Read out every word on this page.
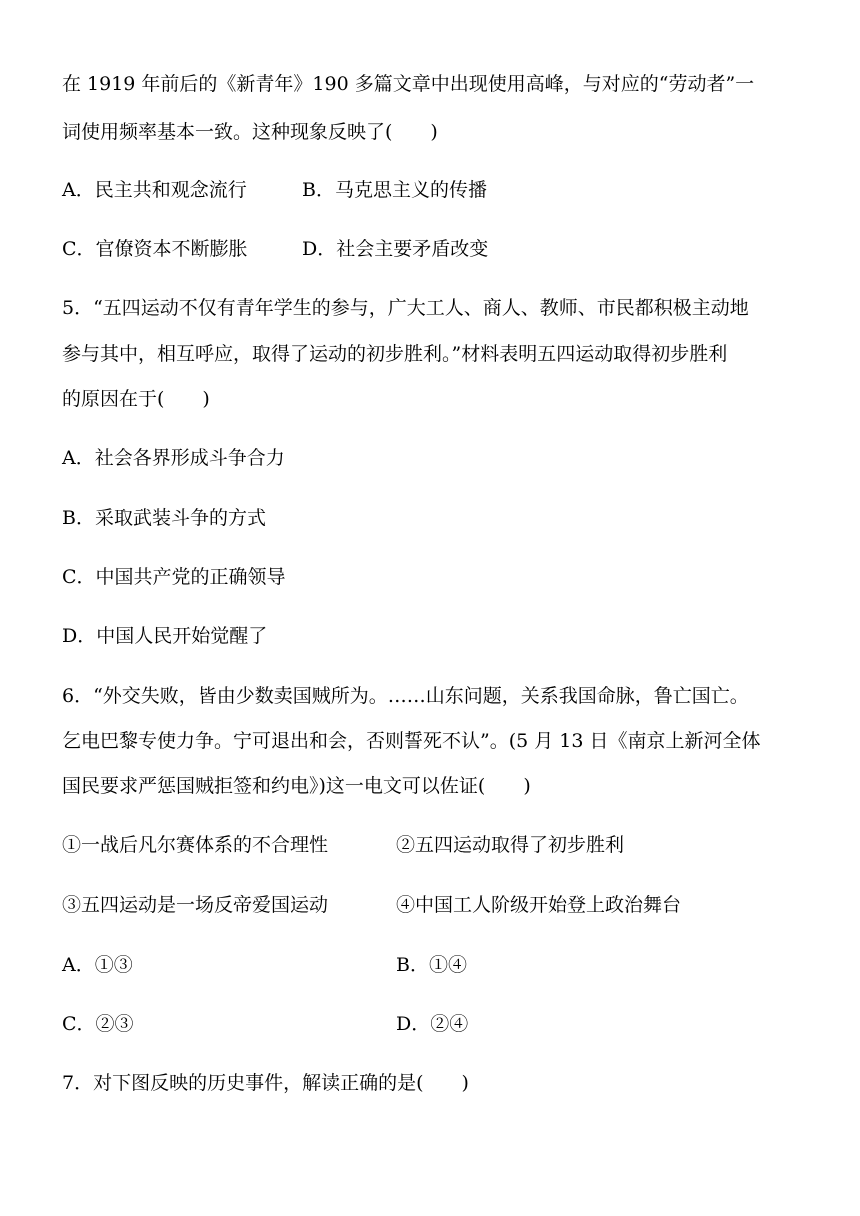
在 1919 年前后的《新青年》190 多篇文章中出现使用高峰，与对应的“劳动者”一
词使用频率基本一致。这种现象反映了(　　)
A．民主共和观念流行	B．马克思主义的传播
C．官僚资本不断膨胀	D．社会主要矛盾改变
5．“五四运动不仅有青年学生的参与，广大工人、商人、教师、市民都积极主动地
参与其中，相互呼应，取得了运动的初步胜利。”材料表明五四运动取得初步胜利
的原因在于(　　)
A．社会各界形成斗争合力
B．采取武装斗争的方式
C．中国共产党的正确领导
D．中国人民开始觉醒了
6．“外交失败，皆由少数卖国贼所为。……山东问题，关系我国命脉，鲁亡国亡。
乞电巴黎专使力争。宁可退出和会，否则誓死不认”。(5 月 13 日《南京上新河全体
国民要求严惩国贼拒签和约电》)这一电文可以佐证(　　)
①一战后凡尔赛体系的不合理性	②五四运动取得了初步胜利
③五四运动是一场反帝爱国运动	④中国工人阶级开始登上政治舞台
A．①③	B．①④
C．②③	D．②④
7．对下图反映的历史事件，解读正确的是(　　)
